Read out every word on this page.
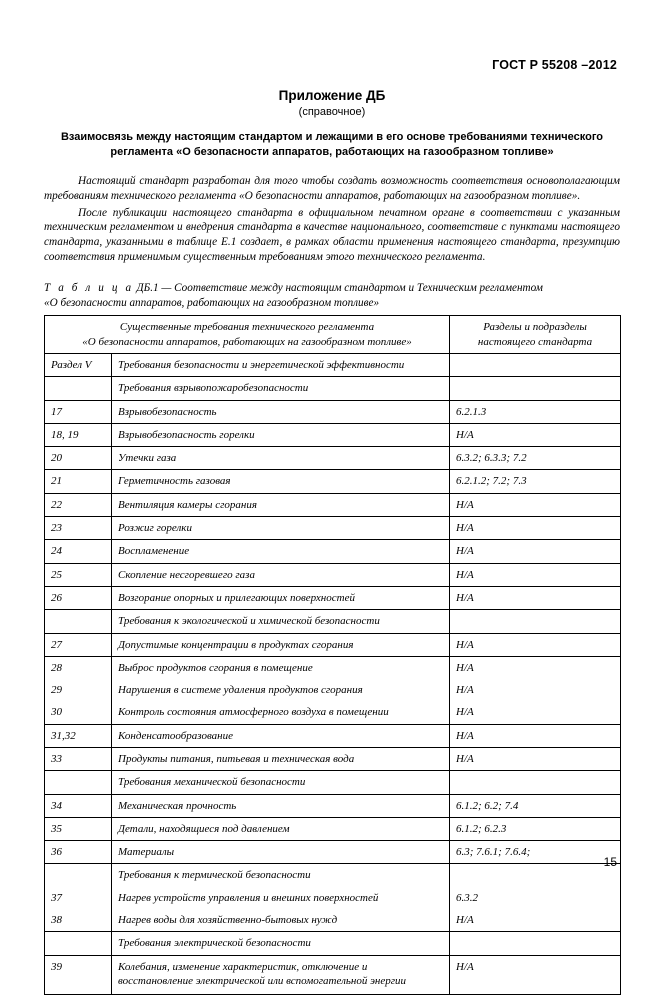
ГОСТ Р 55208 –2012
Приложение ДБ
(справочное)
Взаимосвязь между настоящим стандартом и лежащими в его основе требованиями технического регламента «О безопасности аппаратов, работающих на газообразном топливе»

Настоящий стандарт разработан для того чтобы создать возможность соответствия основополагающим требованиям технического регламента «О безопасности аппаратов, работающих на газообразном топливе».

После публикации настоящего стандарта в официальном печатном органе в соответствии с указанным техническим регламентом и внедрения стандарта в качестве национального, соответствие с пунктами настоящего стандарта, указанными в таблице Е.1 создает, в рамках области применения настоящего стандарта, презумпцию соответствия применимым существенным требованиям этого технического регламента.

Т а б л и ц а ДБ.1 — Соответствие между настоящим стандартом и Техническим регламентом
«О безопасности аппаратов, работающих на газообразном топливе»
Существенные требования технического регламента
«О безопасности аппаратов, работающих на газообразном топливе»		Разделы и подразделы
настоящего стандарта

Раздел V	Требования безопасности и энергетической эффективности	
	Требования взрывопожаробезопасности	
17	Взрывобезопасность	6.2.1.3
18, 19	Взрывобезопасность горелки	Н/А
20	Утечки газа	6.3.2; 6.3.3; 7.2
21	Герметичность газовая	6.2.1.2; 7.2; 7.3
22	Вентиляция камеры сгорания	Н/А
23	Розжиг горелки	Н/А
24	Воспламенение	Н/А
25	Скопление несгоревшего газа	Н/А
26	Возгорание опорных и прилегающих поверхностей	Н/А
	Требования к экологической и химической безопасности	
27	Допустимые концентрации в продуктах сгорания	Н/А
28	Выброс продуктов сгорания в помещение	Н/А
29	Нарушения в системе удаления продуктов сгорания	Н/А
30	Контроль состояния атмосферного воздуха в помещении	Н/А
31,32	Конденсатообразование	Н/А
33	Продукты питания, питьевая и техническая вода	Н/А
	Требования механической безопасности	
34	Механическая прочность	6.1.2; 6.2; 7.4
35	Детали, находящиеся под давлением	6.1.2; 6.2.3
36	Материалы	6.3; 7.6.1; 7.6.4;
	Требования к термической безопасности	
37	Нагрев устройств управления и внешних поверхностей	6.3.2
38	Нагрев воды для хозяйственно-бытовых нужд	Н/А
	Требования электрической безопасности	
39	Колебания, изменение характеристик, отключение и восстановление электрической или вспомогательной энергии	Н/А
15
